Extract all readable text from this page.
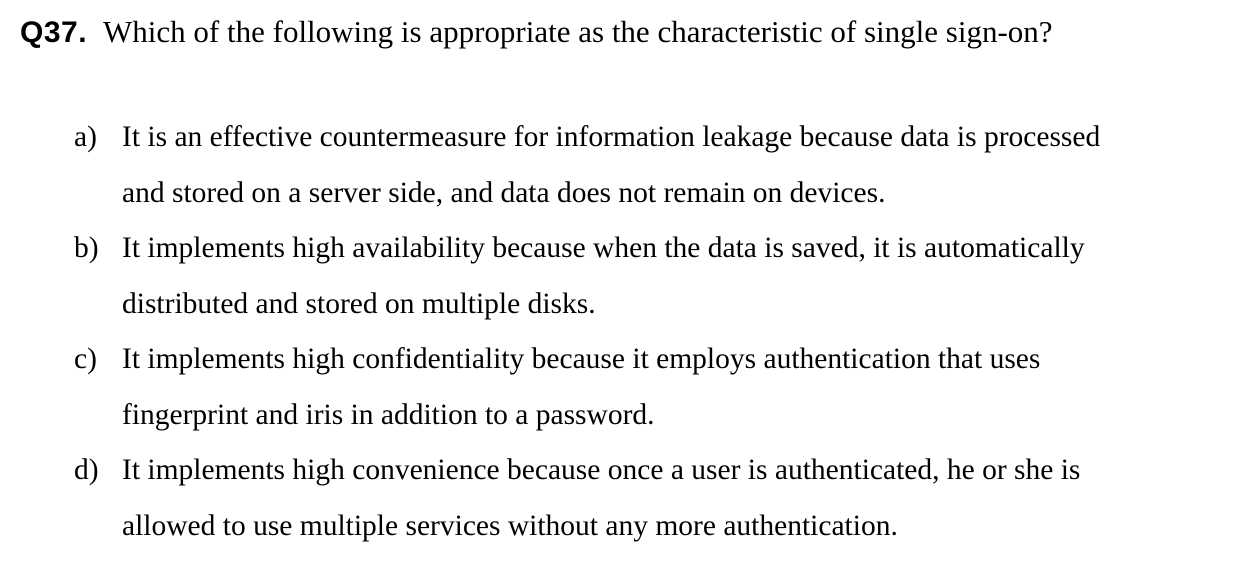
Q37. Which of the following is appropriate as the characteristic of single sign-on?
a) It is an effective countermeasure for information leakage because data is processed
and stored on a server side, and data does not remain on devices.
b) It implements high availability because when the data is saved, it is automatically
distributed and stored on multiple disks.
c) It implements high confidentiality because it employs authentication that uses
fingerprint and iris in addition to a password.
d) It implements high convenience because once a user is authenticated, he or she is
allowed to use multiple services without any more authentication.
